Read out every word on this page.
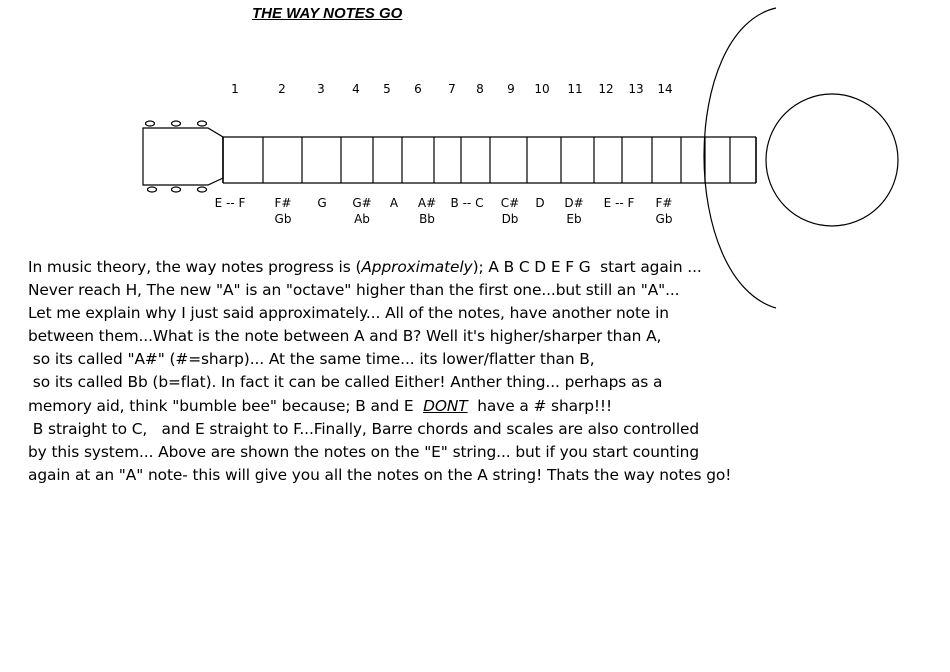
THE WAY NOTES GO
1	2	3 4 5 6 7 8 9 10 11 12 13 14
E -- F F#
Gb
G G#
Ab
A A#
Bb
B -- C C#
Db
D D#
Eb
E -- F F#
Gb
In music theory, the way notes progress is (Approximately); A B C D E F G  start again ...
Never reach H, The new "A" is an "octave" higher than the first one...but still an "A"...
Let me explain why I just said approximately... All of the notes, have another note in
between them...What is the note between A and B? Well it's higher/sharper than A,
so its called "A#" (#=sharp)... At the same time... its lower/flatter than B,
so its called Bb (b=flat). In fact it can be called Either! Anther thing... perhaps as a
memory aid, think "bumble bee" because; B and E  DONT  have a # sharp!!!
B straight to C,   and E straight to F...Finally, Barre chords and scales are also controlled
by this system... Above are shown the notes on the "E" string... but if you start counting
again at an "A" note- this will give you all the notes on the A string! Thats the way notes go!
